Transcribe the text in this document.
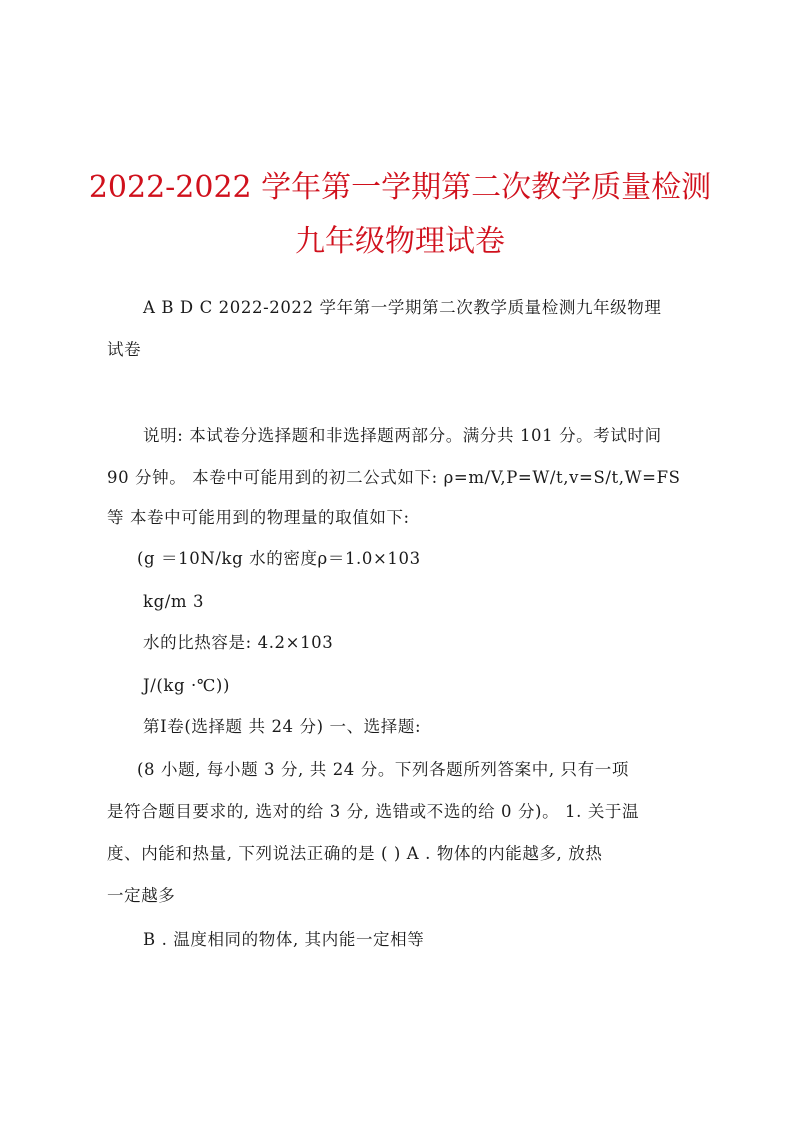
2022-2022 学年第一学期第二次教学质量检测
九年级物理试卷
A B D C 2022-2022 学年第一学期第二次教学质量检测九年级物理
试卷
说明: 本试卷分选择题和非选择题两部分。满分共 101 分。考试时间
90 分钟。 本卷中可能用到的初二公式如下: ρ=m/V,P=W/t,v=S/t,W=FS
等 本卷中可能用到的物理量的取值如下:
(g ＝10N/kg 水的密度ρ＝1.0×103
kg/m 3
水的比热容是: 4.2×103
J/(kg ·℃))
第Ⅰ卷(选择题 共 24 分) 一、选择题:
(8 小题, 每小题 3 分, 共 24 分。下列各题所列答案中, 只有一项
是符合题目要求的, 选对的给 3 分, 选错或不选的给 0 分)。 1. 关于温
度、内能和热量, 下列说法正确的是 ( ) A . 物体的内能越多, 放热
一定越多
B . 温度相同的物体, 其内能一定相等
